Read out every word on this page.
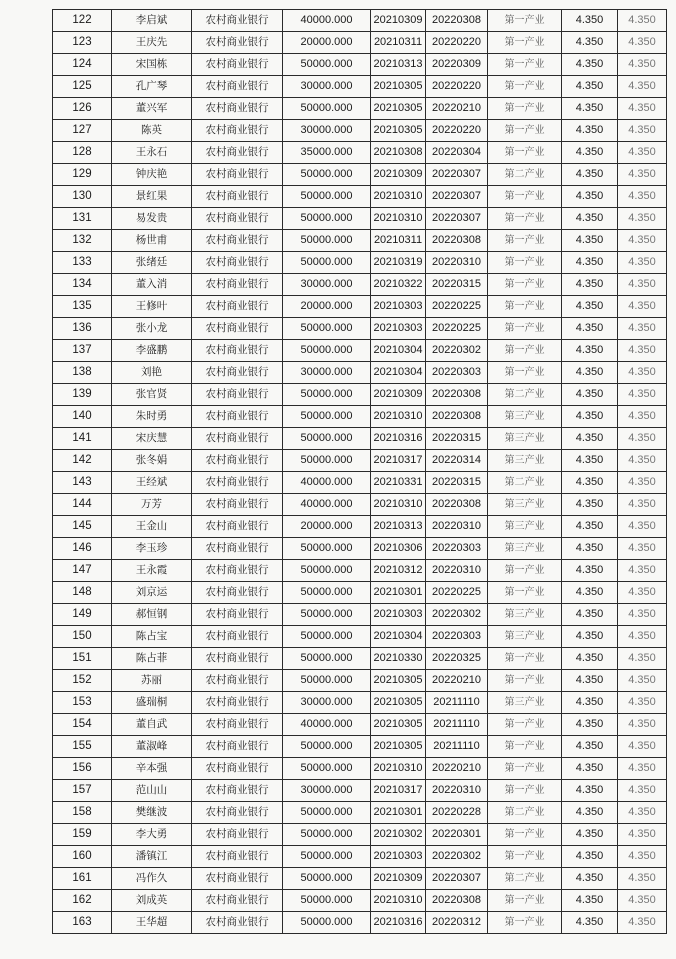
122	李启斌	农村商业银行	40000.000	20210309	20220308	第一产业	4.350	4.350
123	王庆先	农村商业银行	20000.000	20210311	20220220	第一产业	4.350	4.350
124	宋国栋	农村商业银行	50000.000	20210313	20220309	第一产业	4.350	4.350
125	孔广琴	农村商业银行	30000.000	20210305	20220220	第一产业	4.350	4.350
126	董兴军	农村商业银行	50000.000	20210305	20220210	第一产业	4.350	4.350
127	陈英	农村商业银行	30000.000	20210305	20220220	第一产业	4.350	4.350
128	王永石	农村商业银行	35000.000	20210308	20220304	第一产业	4.350	4.350
129	钟庆艳	农村商业银行	50000.000	20210309	20220307	第二产业	4.350	4.350
130	景红果	农村商业银行	50000.000	20210310	20220307	第一产业	4.350	4.350
131	易发贵	农村商业银行	50000.000	20210310	20220307	第一产业	4.350	4.350
132	杨世甫	农村商业银行	50000.000	20210311	20220308	第一产业	4.350	4.350
133	张绪廷	农村商业银行	50000.000	20210319	20220310	第一产业	4.350	4.350
134	董入消	农村商业银行	30000.000	20210322	20220315	第一产业	4.350	4.350
135	王修叶	农村商业银行	20000.000	20210303	20220225	第一产业	4.350	4.350
136	张小龙	农村商业银行	50000.000	20210303	20220225	第一产业	4.350	4.350
137	李盛鹏	农村商业银行	50000.000	20210304	20220302	第一产业	4.350	4.350
138	刘艳	农村商业银行	30000.000	20210304	20220303	第一产业	4.350	4.350
139	张官贤	农村商业银行	50000.000	20210309	20220308	第二产业	4.350	4.350
140	朱时勇	农村商业银行	50000.000	20210310	20220308	第三产业	4.350	4.350
141	宋庆慧	农村商业银行	50000.000	20210316	20220315	第三产业	4.350	4.350
142	张冬娟	农村商业银行	50000.000	20210317	20220314	第三产业	4.350	4.350
143	王经斌	农村商业银行	40000.000	20210331	20220315	第二产业	4.350	4.350
144	万芳	农村商业银行	40000.000	20210310	20220308	第三产业	4.350	4.350
145	王金山	农村商业银行	20000.000	20210313	20220310	第三产业	4.350	4.350
146	李玉珍	农村商业银行	50000.000	20210306	20220303	第三产业	4.350	4.350
147	王永霞	农村商业银行	50000.000	20210312	20220310	第一产业	4.350	4.350
148	刘京运	农村商业银行	50000.000	20210301	20220225	第一产业	4.350	4.350
149	郝恒钢	农村商业银行	50000.000	20210303	20220302	第三产业	4.350	4.350
150	陈占宝	农村商业银行	50000.000	20210304	20220303	第三产业	4.350	4.350
151	陈占菲	农村商业银行	50000.000	20210330	20220325	第一产业	4.350	4.350
152	苏丽	农村商业银行	50000.000	20210305	20220210	第一产业	4.350	4.350
153	盛瑞桐	农村商业银行	30000.000	20210305	20211110	第三产业	4.350	4.350
154	董自武	农村商业银行	40000.000	20210305	20211110	第一产业	4.350	4.350
155	董淑峰	农村商业银行	50000.000	20210305	20211110	第一产业	4.350	4.350
156	辛本强	农村商业银行	50000.000	20210310	20220210	第一产业	4.350	4.350
157	范山山	农村商业银行	30000.000	20210317	20220310	第一产业	4.350	4.350
158	樊继波	农村商业银行	50000.000	20210301	20220228	第二产业	4.350	4.350
159	李大勇	农村商业银行	50000.000	20210302	20220301	第一产业	4.350	4.350
160	潘镇江	农村商业银行	50000.000	20210303	20220302	第一产业	4.350	4.350
161	冯作久	农村商业银行	50000.000	20210309	20220307	第二产业	4.350	4.350
162	刘成英	农村商业银行	50000.000	20210310	20220308	第一产业	4.350	4.350
163	王华超	农村商业银行	50000.000	20210316	20220312	第一产业	4.350	4.350
